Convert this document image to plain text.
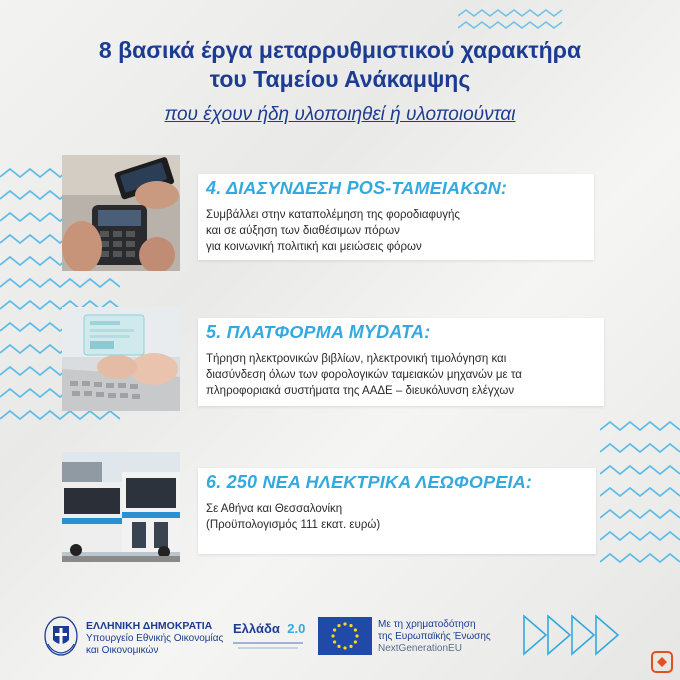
8 βασικά έργα μεταρρυθμιστικού χαρακτήρα
του Ταμείου Ανάκαμψης
που έχουν ήδη υλοποιηθεί ή υλοποιούνται
4. ΔΙΑΣΥΝΔΕΣΗ POS-ΤΑΜΕΙΑΚΩΝ:
Συμβάλλει στην καταπολέμηση της φοροδιαφυγής
και σε αύξηση των διαθέσιμων πόρων
για κοινωνική πολιτική και μειώσεις φόρων
5. ΠΛΑΤΦΟΡΜΑ MYDATA:
Τήρηση ηλεκτρονικών βιβλίων, ηλεκτρονική τιμολόγηση και
διασύνδεση όλων των φορολογικών ταμειακών μηχανών με τα
πληροφοριακά συστήματα της ΑΑΔΕ – διευκόλυνση ελέγχων
6. 250 ΝΕΑ ΗΛΕΚΤΡΙΚΑ ΛΕΩΦΟΡΕΙΑ:
Σε Αθήνα και Θεσσαλονίκη
(Προϋπολογισμός 111 εκατ. ευρώ)
ΕΛΛΗΝΙΚΗ ΔΗΜΟΚΡΑΤΙΑ
Υπουργείο Εθνικής Οικονομίας
και Οικονομικών
Ελλάδα 2.0	Με τη χρηματοδότηση
της Ευρωπαϊκής Ένωσης
NextGenerationEU
